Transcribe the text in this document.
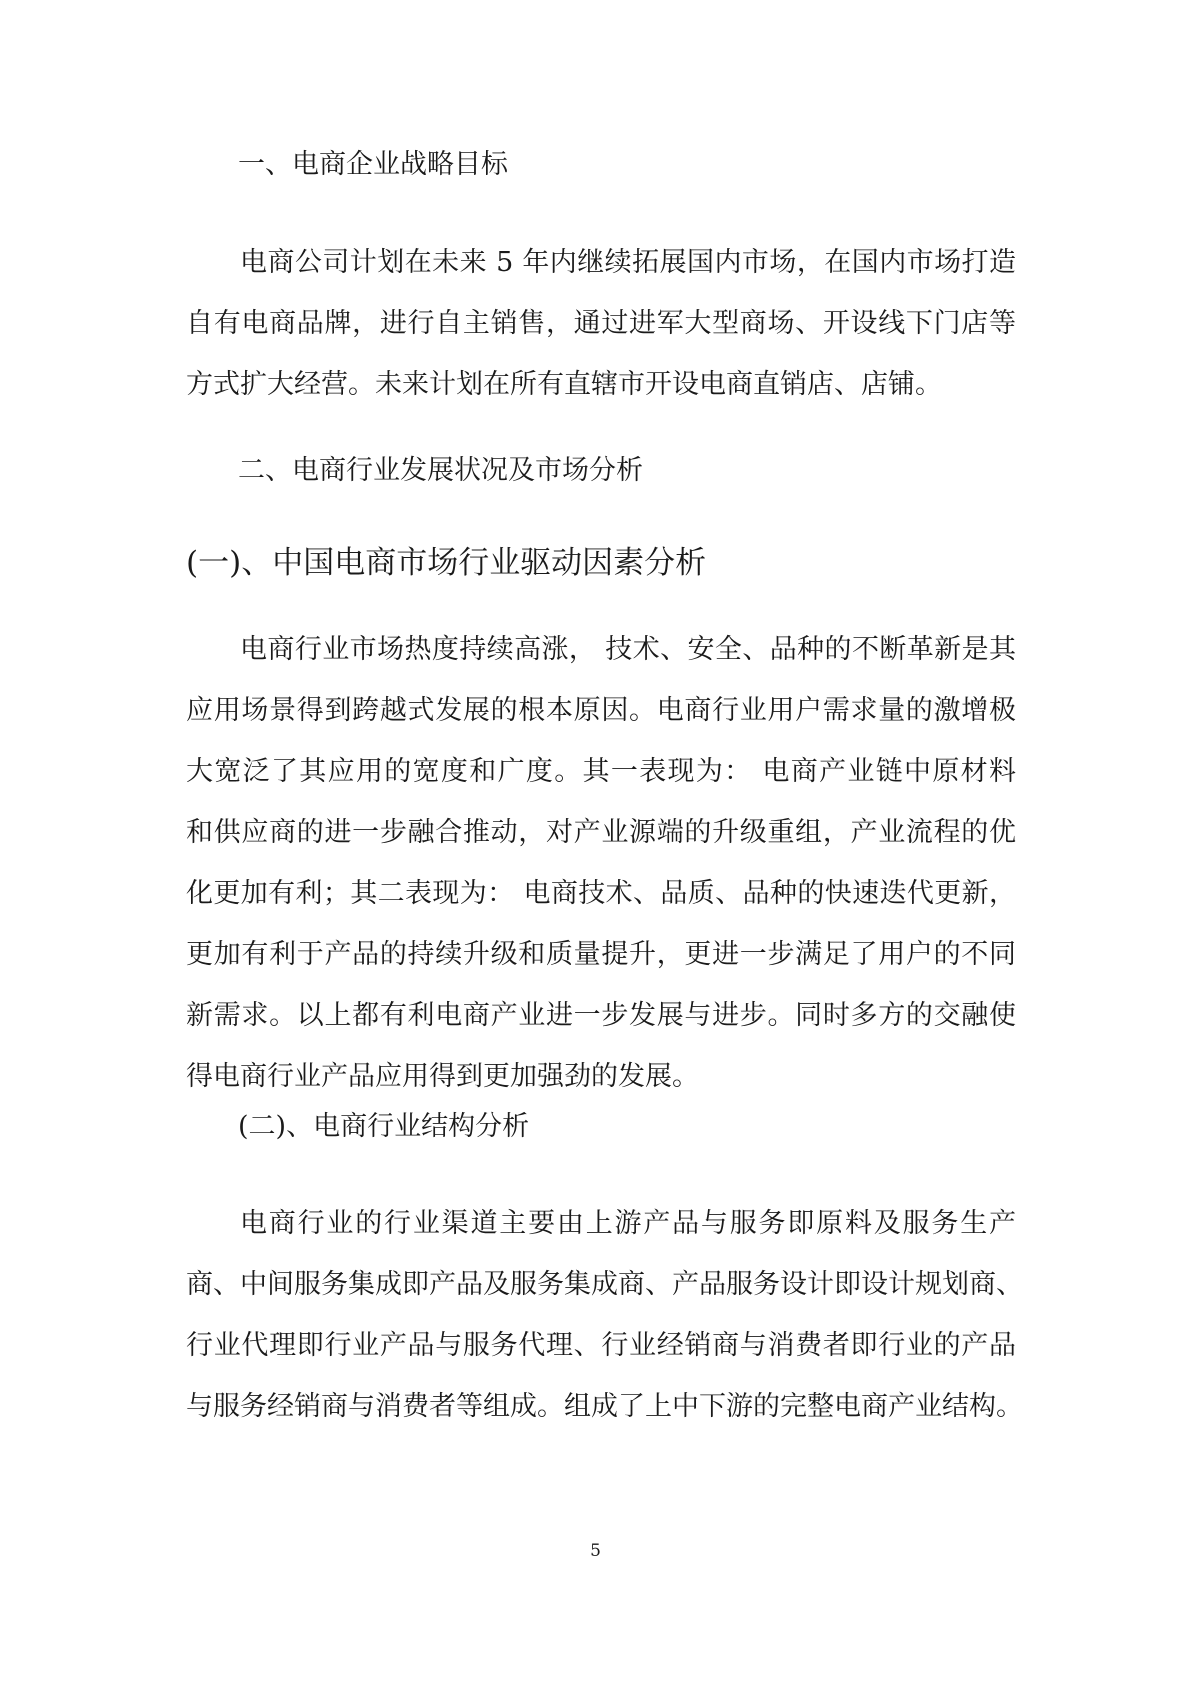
一、电商企业战略目标
电商公司计划在未来 5 年内继续拓展国内市场，在国内市场打造
自有电商品牌，进行自主销售，通过进军大型商场、开设线下门店等
方式扩大经营。未来计划在所有直辖市开设电商直销店、店铺。
二、电商行业发展状况及市场分析
(一)、中国电商市场行业驱动因素分析
电商行业市场热度持续高涨， 技术、安全、品种的不断革新是其
应用场景得到跨越式发展的根本原因。电商行业用户需求量的激增极
大宽泛了其应用的宽度和广度。其一表现为： 电商产业链中原材料
和供应商的进一步融合推动，对产业源端的升级重组，产业流程的优
化更加有利；其二表现为： 电商技术、品质、品种的快速迭代更新，
更加有利于产品的持续升级和质量提升，更进一步满足了用户的不同
新需求。以上都有利电商产业进一步发展与进步。同时多方的交融使
得电商行业产品应用得到更加强劲的发展。
(二)、电商行业结构分析
电商行业的行业渠道主要由上游产品与服务即原料及服务生产
商、中间服务集成即产品及服务集成商、产品服务设计即设计规划商、
行业代理即行业产品与服务代理、行业经销商与消费者即行业的产品
与服务经销商与消费者等组成。组成了上中下游的完整电商产业结构。
5
